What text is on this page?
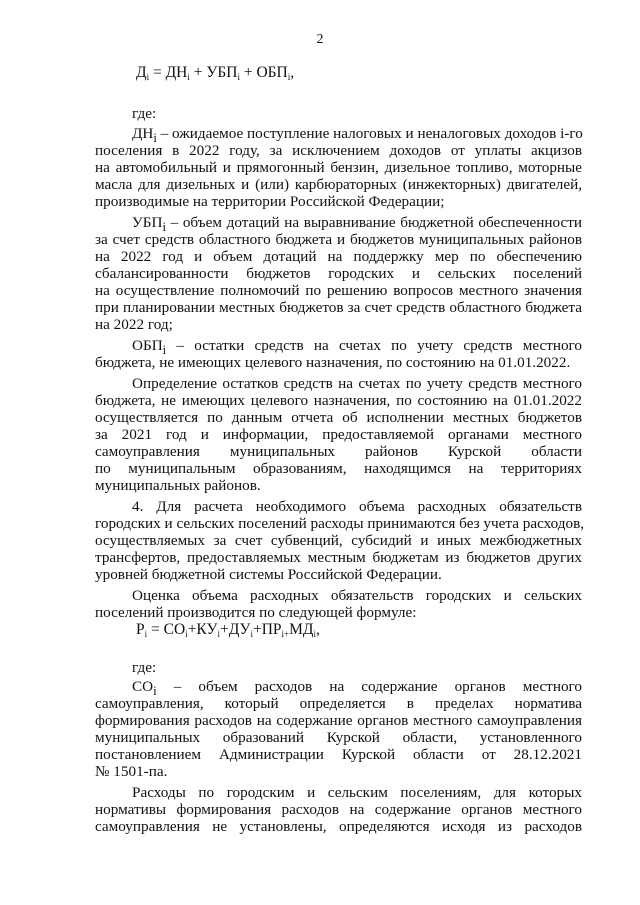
2
$Д_i = ДН_i + УБП_i + ОБП_i$,
где:
$ДН_i$ – ожидаемое поступление налоговых и неналоговых доходов i-го
поселения в 2022 году, за исключением доходов от уплаты акцизов
на автомобильный и прямогонный бензин, дизельное топливо, моторные
масла для дизельных и (или) карбюраторных (инжекторных) двигателей,
производимые на территории Российской Федерации;
$УБП_i$ – объем дотаций на выравнивание бюджетной обеспеченности
за счет средств областного бюджета и бюджетов муниципальных районов
на 2022 год и объем дотаций на поддержку мер по обеспечению
сбалансированности бюджетов городских и сельских поселений
на осуществление полномочий по решению вопросов местного значения
при планировании местных бюджетов за счет средств областного бюджета
на 2022 год;
$ОБП_i$ – остатки средств на счетах по учету средств местного
бюджета, не имеющих целевого назначения, по состоянию на 01.01.2022.
Определение остатков средств на счетах по учету средств местного
бюджета, не имеющих целевого назначения, по состоянию на 01.01.2022
осуществляется по данным отчета об исполнении местных бюджетов
за 2021 год и информации, предоставляемой органами местного
самоуправления муниципальных районов Курской области
по муниципальным образованиям, находящимся на территориях
муниципальных районов.
4. Для расчета необходимого объема расходных обязательств
городских и сельских поселений расходы принимаются без учета расходов,
осуществляемых за счет субвенций, субсидий и иных межбюджетных
трансфертов, предоставляемых местным бюджетам из бюджетов других
уровней бюджетной системы Российской Федерации.
Оценка объема расходных обязательств городских и сельских
поселений производится по следующей формуле:
$Р_i = СО_i+КУ_i+ДУ_i+ПР_{i+}МД_i$,
где:
$СО_i$ – объем расходов на содержание органов местного
самоуправления, который определяется в пределах норматива
формирования расходов на содержание органов местного самоуправления
муниципальных образований Курской области, установленного
постановлением Администрации Курской области от 28.12.2021
№ 1501-па.
Расходы по городским и сельским поселениям, для которых
нормативы формирования расходов на содержание органов местного
самоуправления не установлены, определяются исходя из расходов
